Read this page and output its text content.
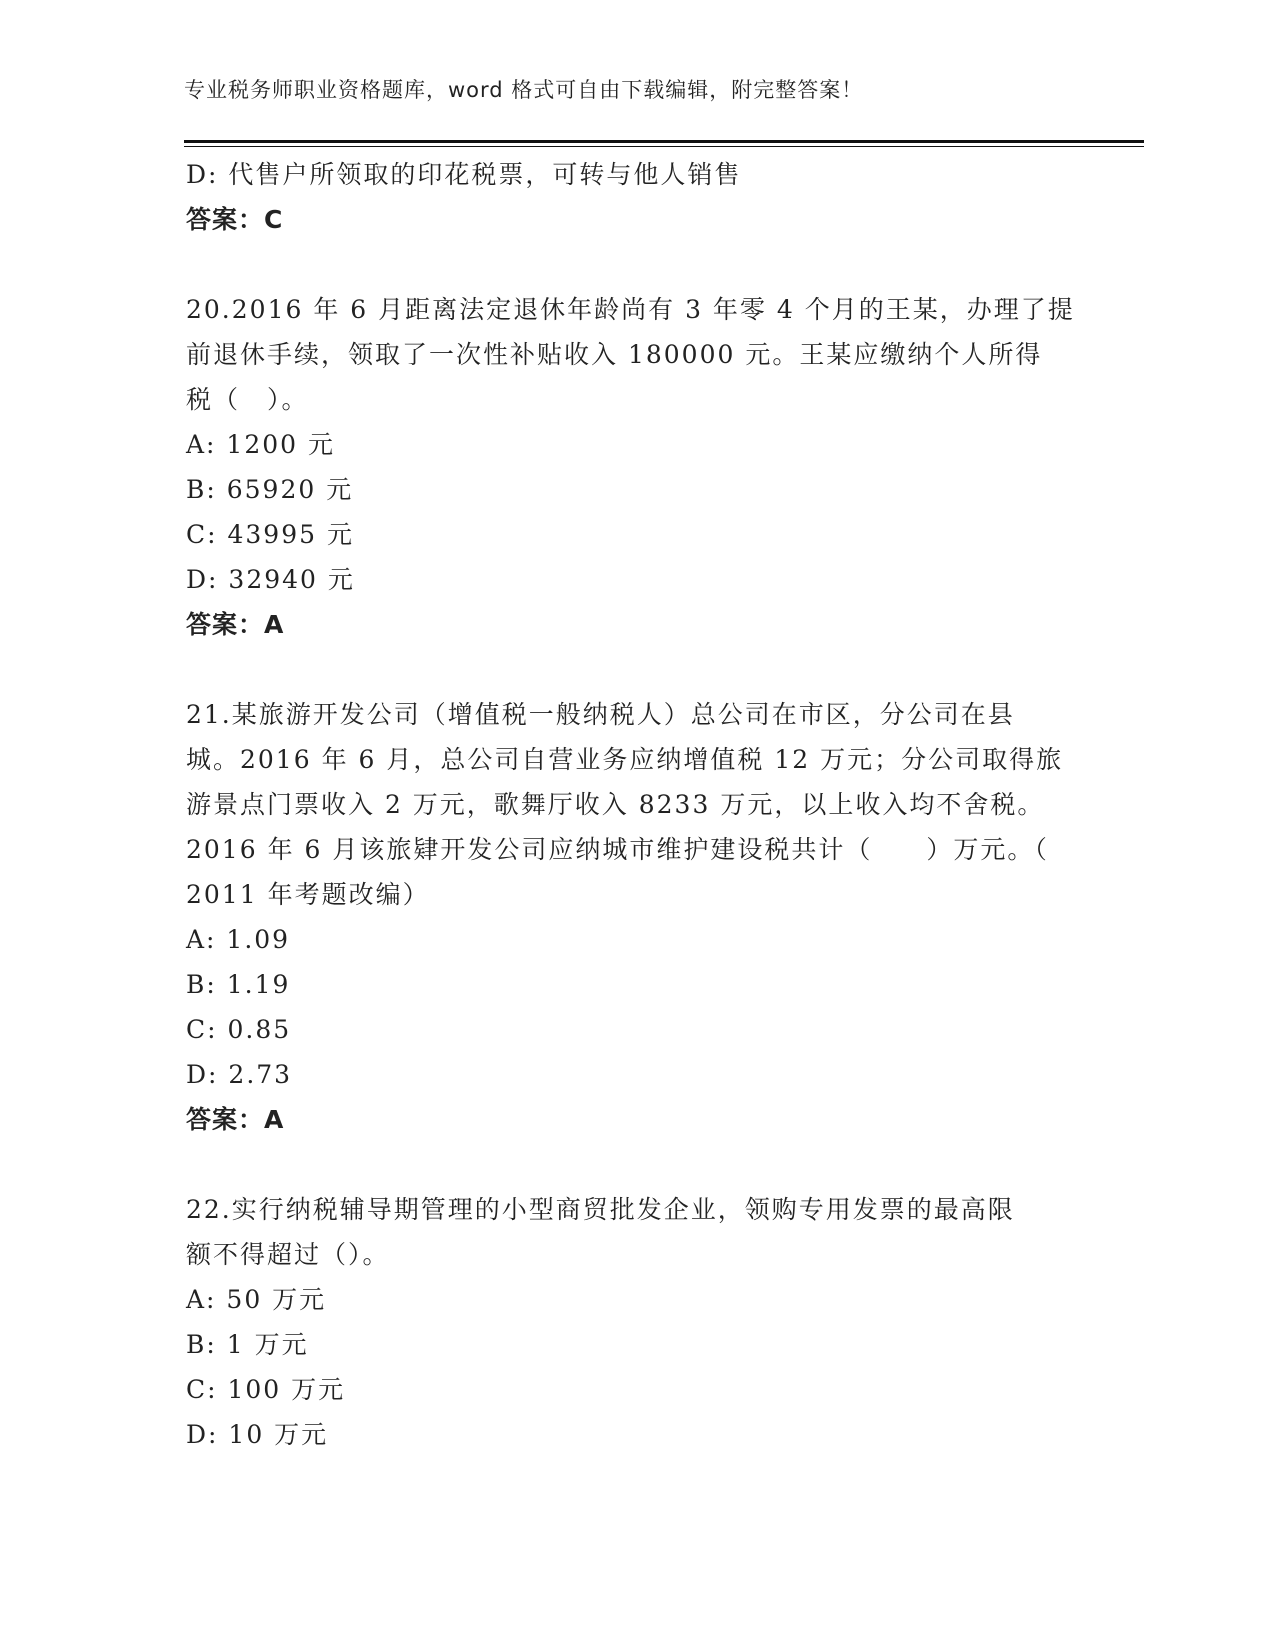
专业税务师职业资格题库，word 格式可自由下载编辑，附完整答案！
D: 代售户所领取的印花税票，可转与他人销售
答案：C
20.2016 年 6 月距离法定退休年龄尚有 3 年零 4 个月的王某，办理了提
前退休手续，领取了一次性补贴收入 180000 元。王某应缴纳个人所得
税（　）。
A: 1200 元
B: 65920 元
C: 43995 元
D: 32940 元
答案：A
21.某旅游开发公司（增值税一般纳税人）总公司在市区，分公司在县
城。2016 年 6 月，总公司自营业务应纳增值税 12 万元；分公司取得旅
游景点门票收入 2 万元，歌舞厅收入 8233 万元，以上收入均不舍税。
2016 年 6 月该旅肄开发公司应纳城市维护建设税共计（　　）万元。（
2011 年考题改编）
A: 1.09
B: 1.19
C: 0.85
D: 2.73
答案：A
22.实行纳税辅导期管理的小型商贸批发企业，领购专用发票的最高限
额不得超过（）。
A: 50 万元
B: 1 万元
C: 100 万元
D: 10 万元
